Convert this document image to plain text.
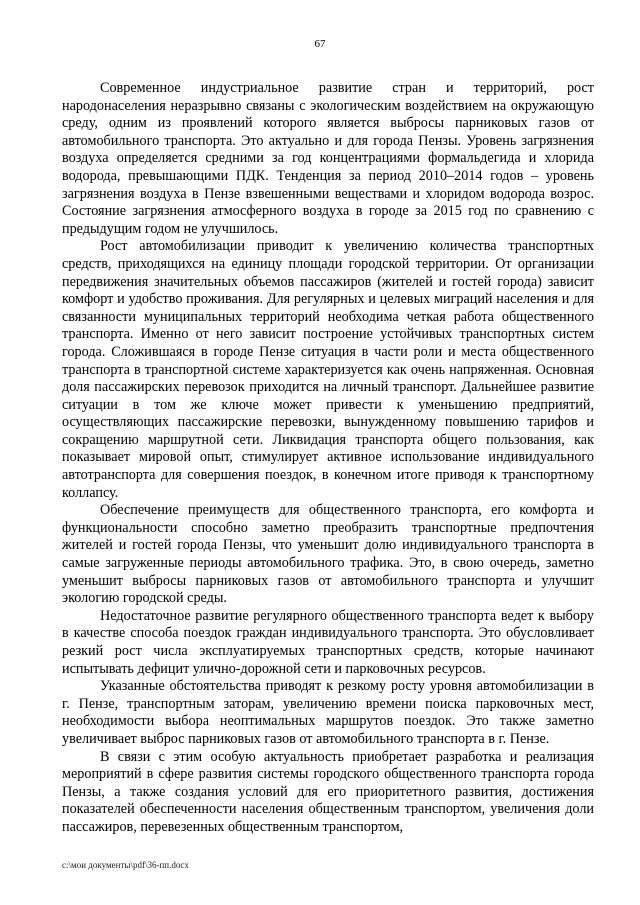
67

Современное индустриальное развитие стран и территорий, рост народонаселения неразрывно связаны с экологическим воздействием на окружающую среду, одним из проявлений которого является выбросы парниковых газов от автомобильного транспорта. Это актуально и для города Пензы. Уровень загрязнения воздуха определяется средними за год концентрациями формальдегида и хлорида водорода, превышающими ПДК. Тенденция за период 2010–2014 годов – уровень загрязнения воздуха в Пензе взвешенными веществами и хлоридом водорода возрос. Состояние загрязнения атмосферного воздуха в городе за 2015 год по сравнению с предыдущим годом не улучшилось.

Рост автомобилизации приводит к увеличению количества транспортных средств, приходящихся на единицу площади городской территории. От организации передвижения значительных объемов пассажиров (жителей и гостей города) зависит комфорт и удобство проживания. Для регулярных и целевых миграций населения и для связанности муниципальных территорий необходима четкая работа общественного транспорта. Именно от него зависит построение устойчивых транспортных систем города. Сложившаяся в городе Пензе ситуация в части роли и места общественного транспорта в транспортной системе характеризуется как очень напряженная. Основная доля пассажирских перевозок приходится на личный транспорт. Дальнейшее развитие ситуации в том же ключе может привести к уменьшению предприятий, осуществляющих пассажирские перевозки, вынужденному повышению тарифов и сокращению маршрутной сети. Ликвидация транспорта общего пользования, как показывает мировой опыт, стимулирует активное использование индивидуального автотранспорта для совершения поездок, в конечном итоге приводя к транспортному коллапсу.

Обеспечение преимуществ для общественного транспорта, его комфорта и функциональности способно заметно преобразить транспортные предпочтения жителей и гостей города Пензы, что уменьшит долю индивидуального транспорта в самые загруженные периоды автомобильного трафика. Это, в свою очередь, заметно уменьшит выбросы парниковых газов от автомобильного транспорта и улучшит экологию городской среды.

Недостаточное развитие регулярного общественного транспорта ведет к выбору в качестве способа поездок граждан индивидуального транспорта. Это обусловливает резкий рост числа эксплуатируемых транспортных средств, которые начинают испытывать дефицит улично-дорожной сети и парковочных ресурсов.

Указанные обстоятельства приводят к резкому росту уровня автомобилизации в г. Пензе, транспортным заторам, увеличению времени поиска парковочных мест, необходимости выбора неоптимальных маршрутов поездок. Это также заметно увеличивает выброс парниковых газов от автомобильного транспорта в г. Пензе.

В связи с этим особую актуальность приобретает разработка и реализация мероприятий в сфере развития системы городского общественного транспорта города Пензы, а также создания условий для его приоритетного развития, достижения показателей обеспеченности населения общественным транспортом, увеличения доли пассажиров, перевезенных общественным транспортом,

c:\мои документы\pdf\36-пп.docx
